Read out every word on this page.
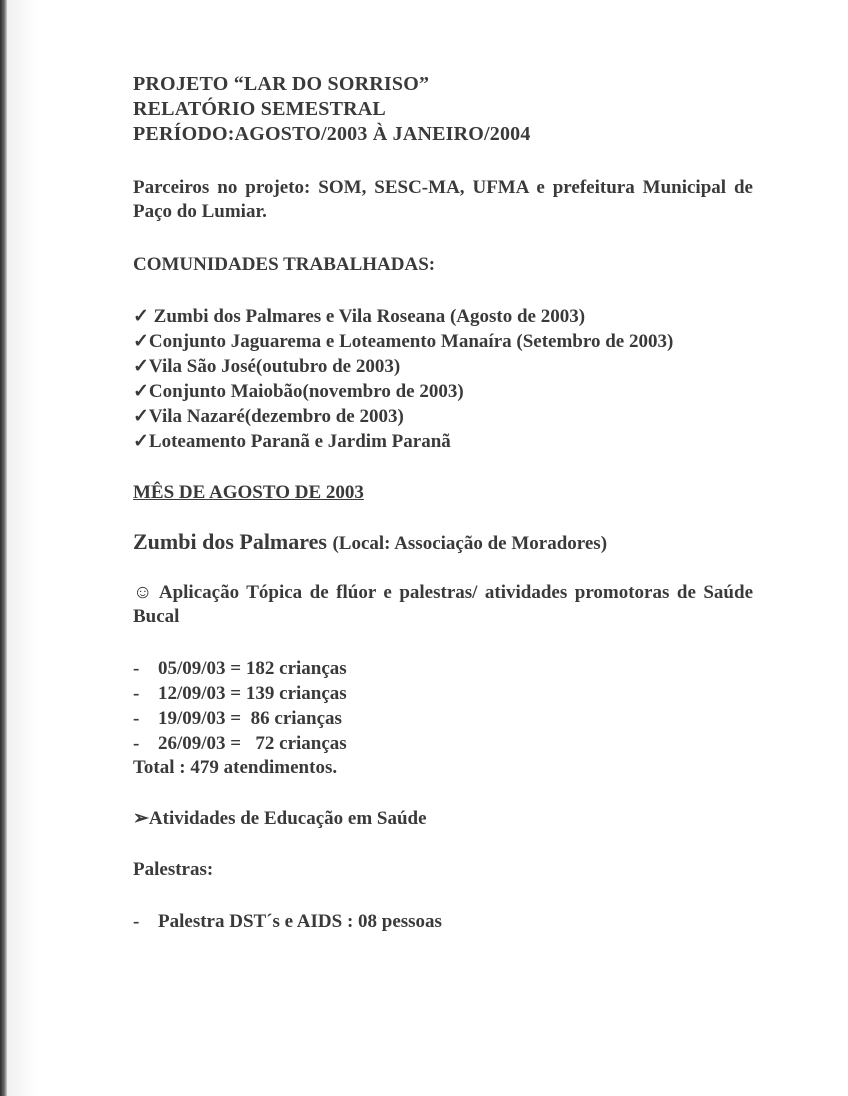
PROJETO “LAR DO SORRISO”

RELATÓRIO SEMESTRAL

PERÍODO:AGOSTO/2003 À JANEIRO/2004

Parceiros no projeto: SOM, SESC-MA, UFMA e prefeitura Municipal de Paço do Lumiar.

COMUNIDADES TRABALHADAS:

✓ Zumbi dos Palmares e Vila Roseana (Agosto de 2003)
✓Conjunto Jaguarema e Loteamento Manaíra (Setembro de 2003)
✓Vila São José(outubro de 2003)
✓Conjunto Maiobão(novembro de 2003)
✓Vila Nazaré(dezembro de 2003)
✓Loteamento Paranã e Jardim Paranã

MÊS DE AGOSTO DE 2003

Zumbi dos Palmares (Local: Associação de Moradores)

☺ Aplicação Tópica de flúor e palestras/ atividades promotoras de Saúde Bucal

- 05/09/03 = 182 crianças
- 12/09/03 = 139 crianças
- 19/09/03 =  86 crianças
- 26/09/03 =   72 crianças

Total : 479 atendimentos.

➢Atividades de Educação em Saúde

Palestras:

- Palestra DST´s e AIDS : 08 pessoas
